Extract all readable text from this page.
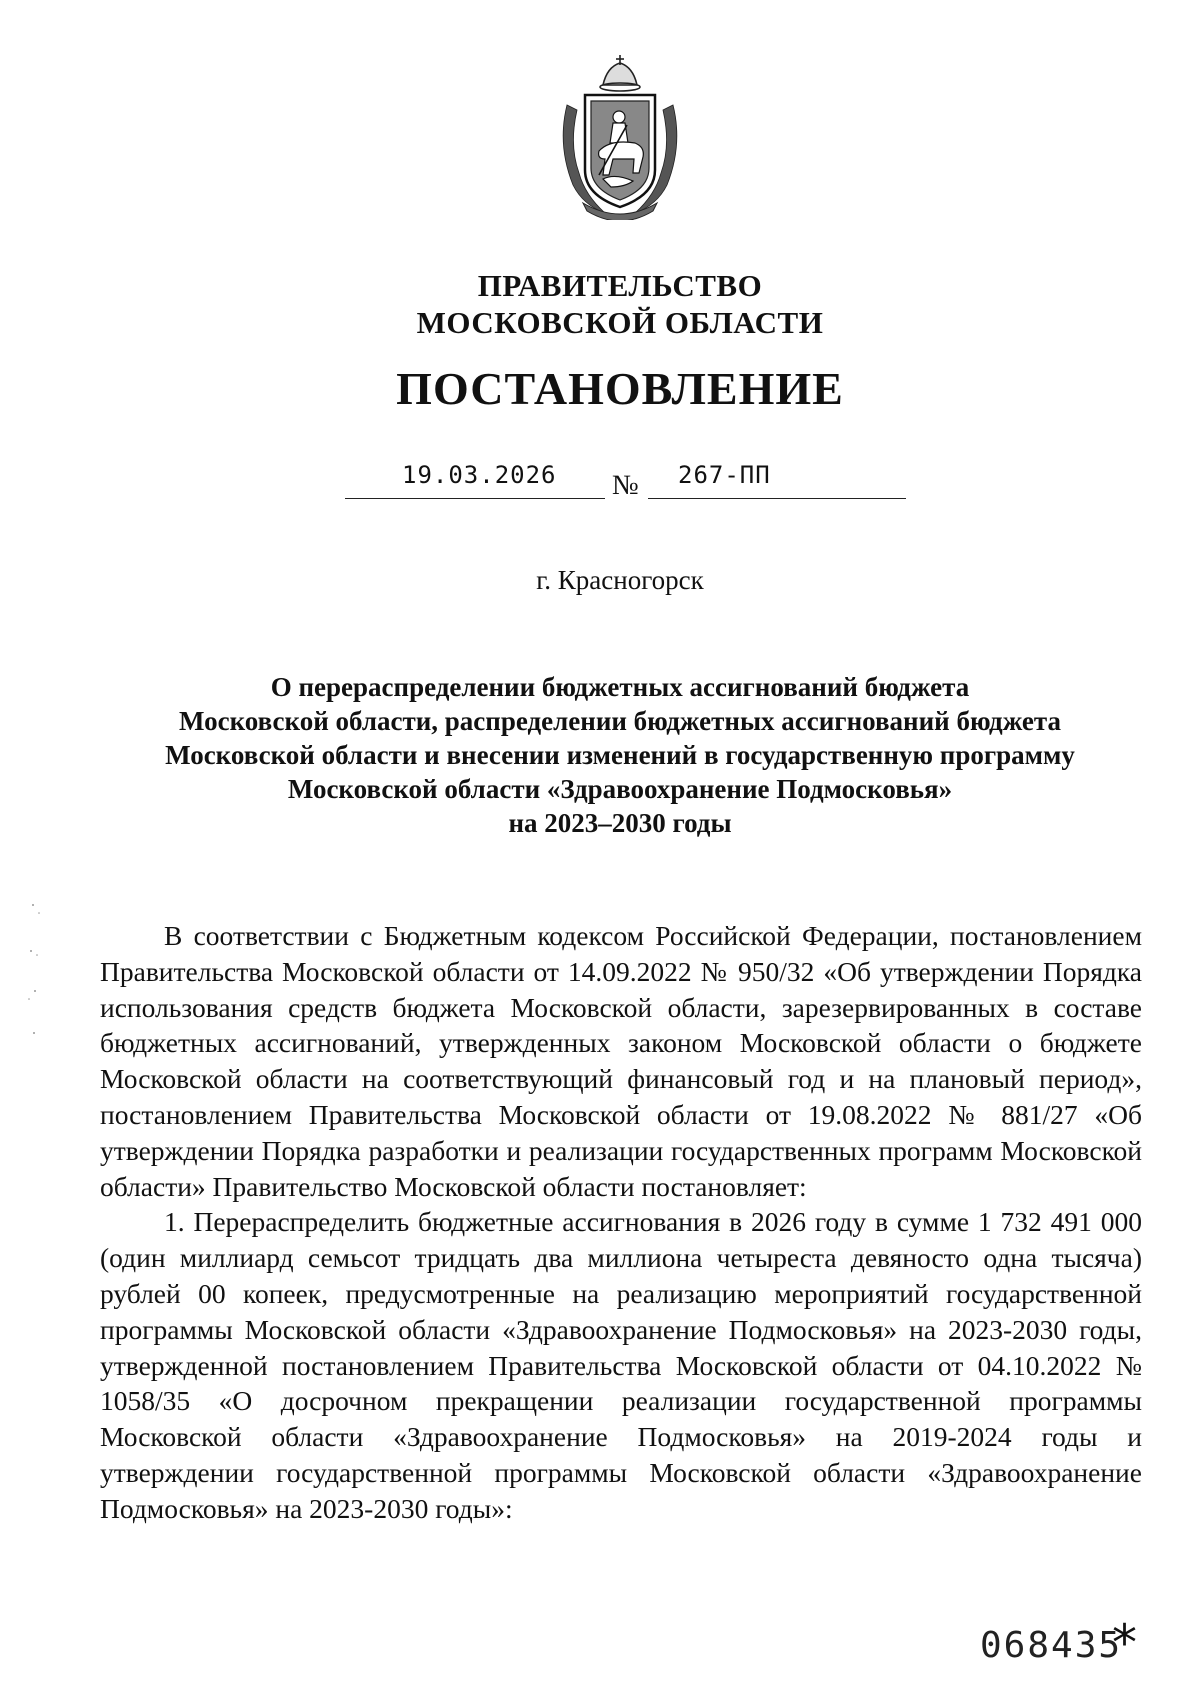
ПРАВИТЕЛЬСТВО
МОСКОВСКОЙ ОБЛАСТИ
ПОСТАНОВЛЕНИЕ
19.03.2026 № 267-ПП
г. Красногорск
О перераспределении бюджетных ассигнований бюджета
Московской области, распределении бюджетных ассигнований бюджета
Московской области и внесении изменений в государственную программу
Московской области «Здравоохранение Подмосковья»
на 2023–2030 годы

В соответствии с Бюджетным кодексом Российской Федерации, постановлением Правительства Московской области от 14.09.2022 № 950/32 «Об утверждении Порядка использования средств бюджета Московской области, зарезервированных в составе бюджетных ассигнований, утвержденных законом Московской области о бюджете Московской области на соответствующий финансовый год и на плановый период», постановлением Правительства Московской области от 19.08.2022 № 881/27 «Об утверждении Порядка разработки и реализации государственных программ Московской области» Правительство Московской области постановляет:

1. Перераспределить бюджетные ассигнования в 2026 году в сумме 1 732 491 000 (один миллиард семьсот тридцать два миллиона четыреста девяносто одна тысяча) рублей 00 копеек, предусмотренные на реализацию мероприятий государственной программы Московской области «Здравоохранение Подмосковья» на 2023-2030 годы, утвержденной постановлением Правительства Московской области от 04.10.2022 № 1058/35 «О досрочном прекращении реализации государственной программы Московской области «Здравоохранение Подмосковья» на 2019-2024 годы и утверждении государственной программы Московской области «Здравоохранение Подмосковья» на 2023-2030 годы»:

068435
*
